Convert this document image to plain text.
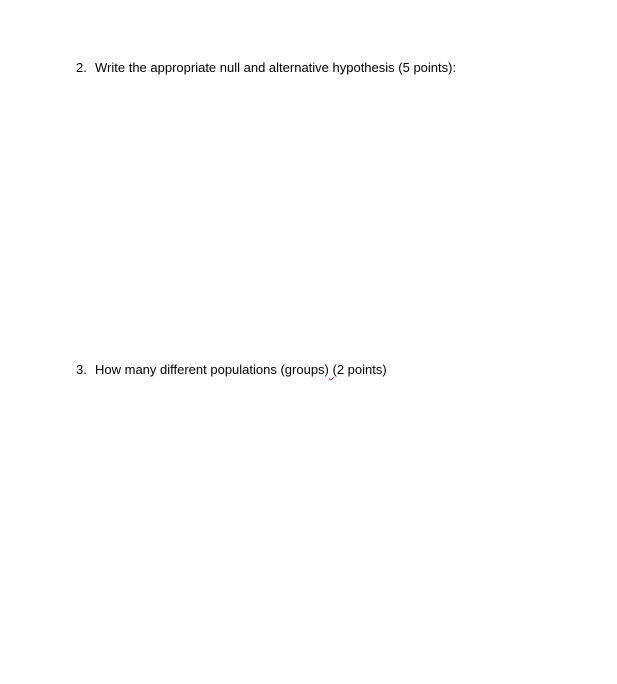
2. Write the appropriate null and alternative hypothesis (5 points):
3. How many different populations (groups) (2 points)
